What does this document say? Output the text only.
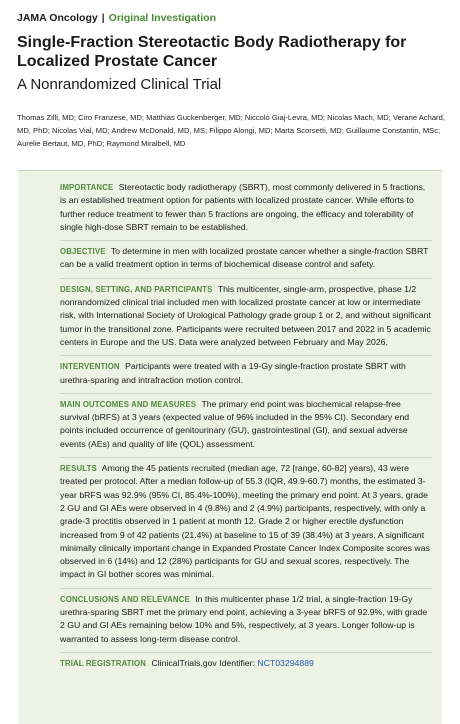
JAMA Oncology | Original Investigation
Single-Fraction Stereotactic Body Radiotherapy for Localized Prostate Cancer
A Nonrandomized Clinical Trial
Thomas Zilli, MD; Ciro Franzese, MD; Matthias Guckenberger, MD; Niccolò Giaj-Levra, MD; Nicolas Mach, MD; Verane Achard, MD, PhD; Nicolas Vial, MD; Andrew McDonald, MD, MS; Filippo Alongi, MD; Marta Scorsetti, MD; Guillaume Constantin, MSc; Aurelie Bertaut, MD, PhD; Raymond Miralbell, MD

IMPORTANCE Stereotactic body radiotherapy (SBRT), most commonly delivered in 5 fractions, is an established treatment option for patients with localized prostate cancer. While efforts to further reduce treatment to fewer than 5 fractions are ongoing, the efficacy and tolerability of single high-dose SBRT remain to be established.

OBJECTIVE To determine in men with localized prostate cancer whether a single-fraction SBRT can be a valid treatment option in terms of biochemical disease control and safety.

DESIGN, SETTING, AND PARTICIPANTS This multicenter, single-arm, prospective, phase 1/2 nonrandomized clinical trial included men with localized prostate cancer at low or intermediate risk, with International Society of Urological Pathology grade group 1 or 2, and without significant tumor in the transitional zone. Participants were recruited between 2017 and 2022 in 5 academic centers in Europe and the US. Data were analyzed between February and May 2026.

INTERVENTION Participants were treated with a 19-Gy single-fraction prostate SBRT with urethra-sparing and intrafraction motion control.

MAIN OUTCOMES AND MEASURES The primary end point was biochemical relapse-free survival (bRFS) at 3 years (expected value of 96% included in the 95% CI). Secondary end points included occurrence of genitourinary (GU), gastrointestinal (GI), and sexual adverse events (AEs) and quality of life (QOL) assessment.

RESULTS Among the 45 patients recruited (median age, 72 [range, 60-82] years), 43 were treated per protocol. After a median follow-up of 55.3 (IQR, 49.9-60.7) months, the estimated 3-year bRFS was 92.9% (95% CI, 85.4%-100%), meeting the primary end point. At 3 years, grade 2 GU and GI AEs were observed in 4 (9.8%) and 2 (4.9%) participants, respectively, with only a grade-3 proctitis observed in 1 patient at month 12. Grade 2 or higher erectile dysfunction increased from 9 of 42 patients (21.4%) at baseline to 15 of 39 (38.4%) at 3 years. A significant minimally clinically important change in Expanded Prostate Cancer Index Composite scores was observed in 6 (14%) and 12 (28%) participants for GU and sexual scores, respectively. The impact in GI bother scores was minimal.

CONCLUSIONS AND RELEVANCE In this multicenter phase 1/2 trial, a single-fraction 19-Gy urethra-sparing SBRT met the primary end point, achieving a 3-year bRFS of 92.9%, with grade 2 GU and GI AEs remaining below 10% and 5%, respectively, at 3 years. Longer follow-up is warranted to assess long-term disease control.

TRIAL REGISTRATION ClinicalTrials.gov Identifier: NCT03294889
